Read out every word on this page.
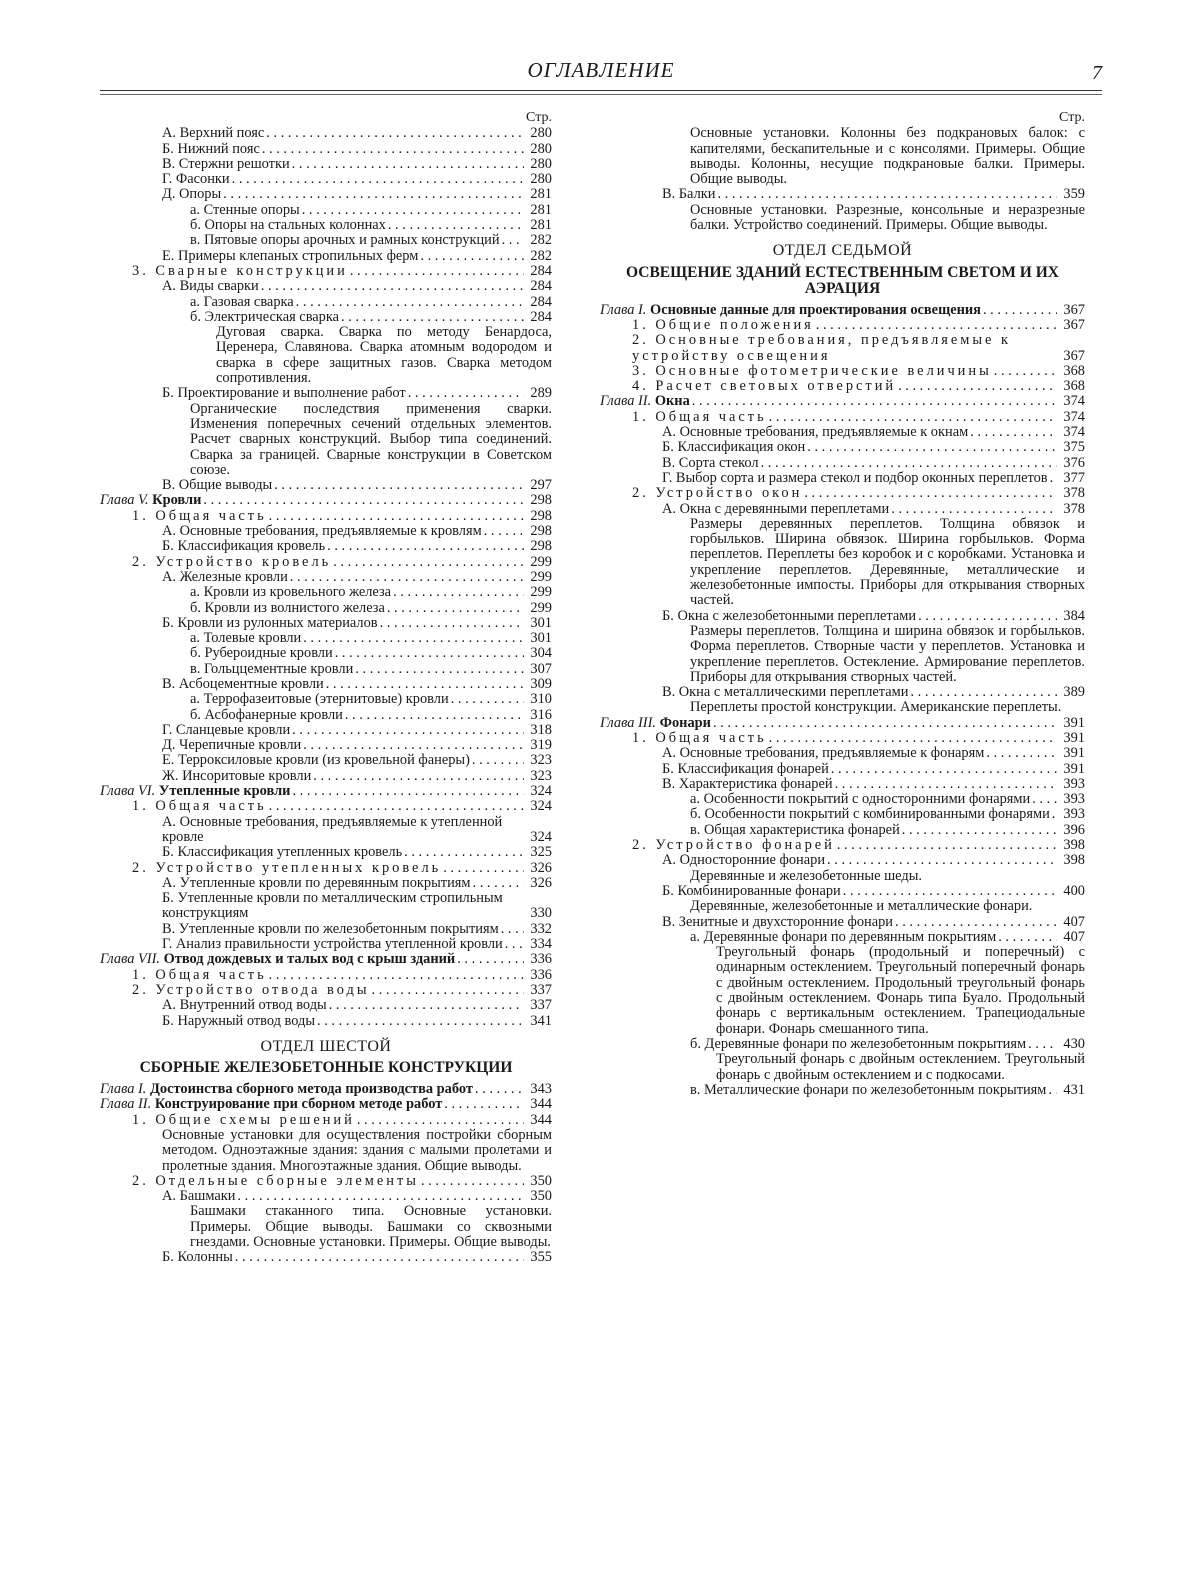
ОГЛАВЛЕНИЕ	7
Стр.
А. Верхний пояс . . .	280
Б. Нижний пояс . . .	280
В. Стержни решотки . . .	280
Г. Фасонки . . .	280
Д. Опоры . . .	281
а. Стенные опоры . . .	281
б. Опоры на стальных колоннах . . .	281
в. Пятовые опоры арочных и рамных конструкций . . .	282
Е. Примеры клепаных стропильных ферм . . .	282
3. Сварные конструкции . . .	284
А. Виды сварки . . .	284
а. Газовая сварка . . .	284
б. Электрическая сварка . . .	284
Дуговая сварка. Сварка по методу Бенардоса, Церенера, Славянова. Сварка атомным водородом и сварка в сфере защитных газов. Сварка методом сопротивления.
Б. Проектирование и выполнение работ . . .	289
Органические последствия применения сварки. Изменения поперечных сечений отдельных элементов. Расчет сварных конструкций. Выбор типа соединений. Сварка за границей. Сварные конструкции в Советском союзе.
В. Общие выводы . . .	297
Глава V. Кровли . . .	298
1. Общая часть . . .	298
А. Основные требования, предъявляемые к кровлям . . .	298
Б. Классификация кровель . . .	298
2. Устройство кровель . . .	299
А. Железные кровли . . .	299
а. Кровли из кровельного железа . . .	299
б. Кровли из волнистого железа . . .	299
Б. Кровли из рулонных материалов . . .	301
а. Толевые кровли . . .	301
б. Рубероидные кровли . . .	304
в. Гольццементные кровли . . .	307
В. Асбоцементные кровли . . .	309
а. Террофазеитовые (этернитовые) кровли . . .	310
б. Асбофанерные кровли . . .	316
Г. Сланцевые кровли . . .	318
Д. Черепичные кровли . . .	319
Е. Терроксиловые кровли (из кровельной фанеры) . . .	323
Ж. Инсоритовые кровли . . .	323
Глава VI. Утепленные кровли . . .	324
1. Общая часть . . .	324
А. Основные требования, предъявляемые к утепленной кровле	324
Б. Классификация утепленных кровель . . .	325
2. Устройство утепленных кровель . . .	326
А. Утепленные кровли по деревянным покрытиям . . .	326
Б. Утепленные кровли по металлическим стропильным конструкциям	330
В. Утепленные кровли по железобетонным покрытиям . . .	332
Г. Анализ правильности устройства утепленной кровли . . .	334
Глава VII. Отвод дождевых и талых вод с крыш зданий . . .	336
1. Общая часть . . .	336
2. Устройство отвода воды . . .	337
А. Внутренний отвод воды . . .	337
Б. Наружный отвод воды . . .	341
ОТДЕЛ ШЕСТОЙ
СБОРНЫЕ ЖЕЛЕЗОБЕТОННЫЕ КОНСТРУКЦИИ
Глава I. Достоинства сборного метода производства работ . . .	343
Глава II. Конструирование при сборном методе работ . . .	344
1. Общие схемы решений . . .	344
Основные установки для осуществления постройки сборным методом. Одноэтажные здания: здания с малыми пролетами и пролетные здания. Многоэтажные здания. Общие выводы.
2. Отдельные сборные элементы . . .	350
А. Башмаки . . .	350
Башмаки стаканного типа. Основные установки. Примеры. Общие выводы. Башмаки со сквозными гнездами. Основные установки. Примеры. Общие выводы.
Б. Колонны . . .	355
Стр.
Основные установки. Колонны без подкрановых балок: с капителями, бескапительные и с консолями. Примеры. Общие выводы. Колонны, несущие подкрановые балки. Примеры. Общие выводы.
В. Балки . . .	359
Основные установки. Разрезные, консольные и неразрезные балки. Устройство соединений. Примеры. Общие выводы.
ОТДЕЛ СЕДЬМОЙ
ОСВЕЩЕНИЕ ЗДАНИЙ ЕСТЕСТВЕННЫМ СВЕТОМ И ИХ АЭРАЦИЯ
Глава I. Основные данные для проектирования освещения . . .	367
1. Общие положения . . .	367
2. Основные требования, предъявляемые к устройству освещения	367
3. Основные фотометрические величины . . .	368
4. Расчет световых отверстий . . .	368
Глава II. Окна . . .	374
1. Общая часть . . .	374
А. Основные требования, предъявляемые к окнам . . .	374
Б. Классификация окон . . .	375
В. Сорта стекол . . .	376
Г. Выбор сорта и размера стекол и подбор оконных переплетов . . .	377
2. Устройство окон . . .	378
А. Окна с деревянными переплетами . . .	378
Размеры деревянных переплетов. Толщина обвязок и горбыльков. Ширина обвязок. Ширина горбыльков. Форма переплетов. Переплеты без коробок и с коробками. Установка и укрепление переплетов. Деревянные, металлические и железобетонные импосты. Приборы для открывания створных частей.
Б. Окна с железобетонными переплетами . . .	384
Размеры переплетов. Толщина и ширина обвязок и горбыльков. Форма переплетов. Створные части у переплетов. Установка и укрепление переплетов. Остекление. Армирование переплетов. Приборы для открывания створных частей.
В. Окна с металлическими переплетами . . .	389
Переплеты простой конструкции. Американские переплеты.
Глава III. Фонари . . .	391
1. Общая часть . . .	391
А. Основные требования, предъявляемые к фонарям . . .	391
Б. Классификация фонарей . . .	391
В. Характеристика фонарей . . .	393
а. Особенности покрытий с односторонними фонарями . . .	393
б. Особенности покрытий с комбинированными фонарями . . . 393
в. Общая характеристика фонарей . . .	396
2. Устройство фонарей . . .	398
А. Односторонние фонари . . .	398
Деревянные и железобетонные шеды.
Б. Комбинированные фонари . . .	400
Деревянные, железобетонные и металлические фонари.
В. Зенитные и двухсторонние фонари . . .	407
а. Деревянные фонари по деревянным покрытиям . . .	407
Треугольный фонарь (продольный и поперечный) с одинарным остеклением. Треугольный поперечный фонарь с двойным остеклением. Продольный треугольный фонарь с двойным остеклением. Фонарь типа Буало. Продольный фонарь с вертикальным остеклением. Трапециодальные фонари. Фонарь смешанного типа.
б. Деревянные фонари по железобетонным покрытиям . . .	430
Треугольный фонарь с двойным остеклением. Треугольный фонарь с двойным остеклением и с подкосами.
в. Металлические фонари по железобетонным покрытиям . . .	431
